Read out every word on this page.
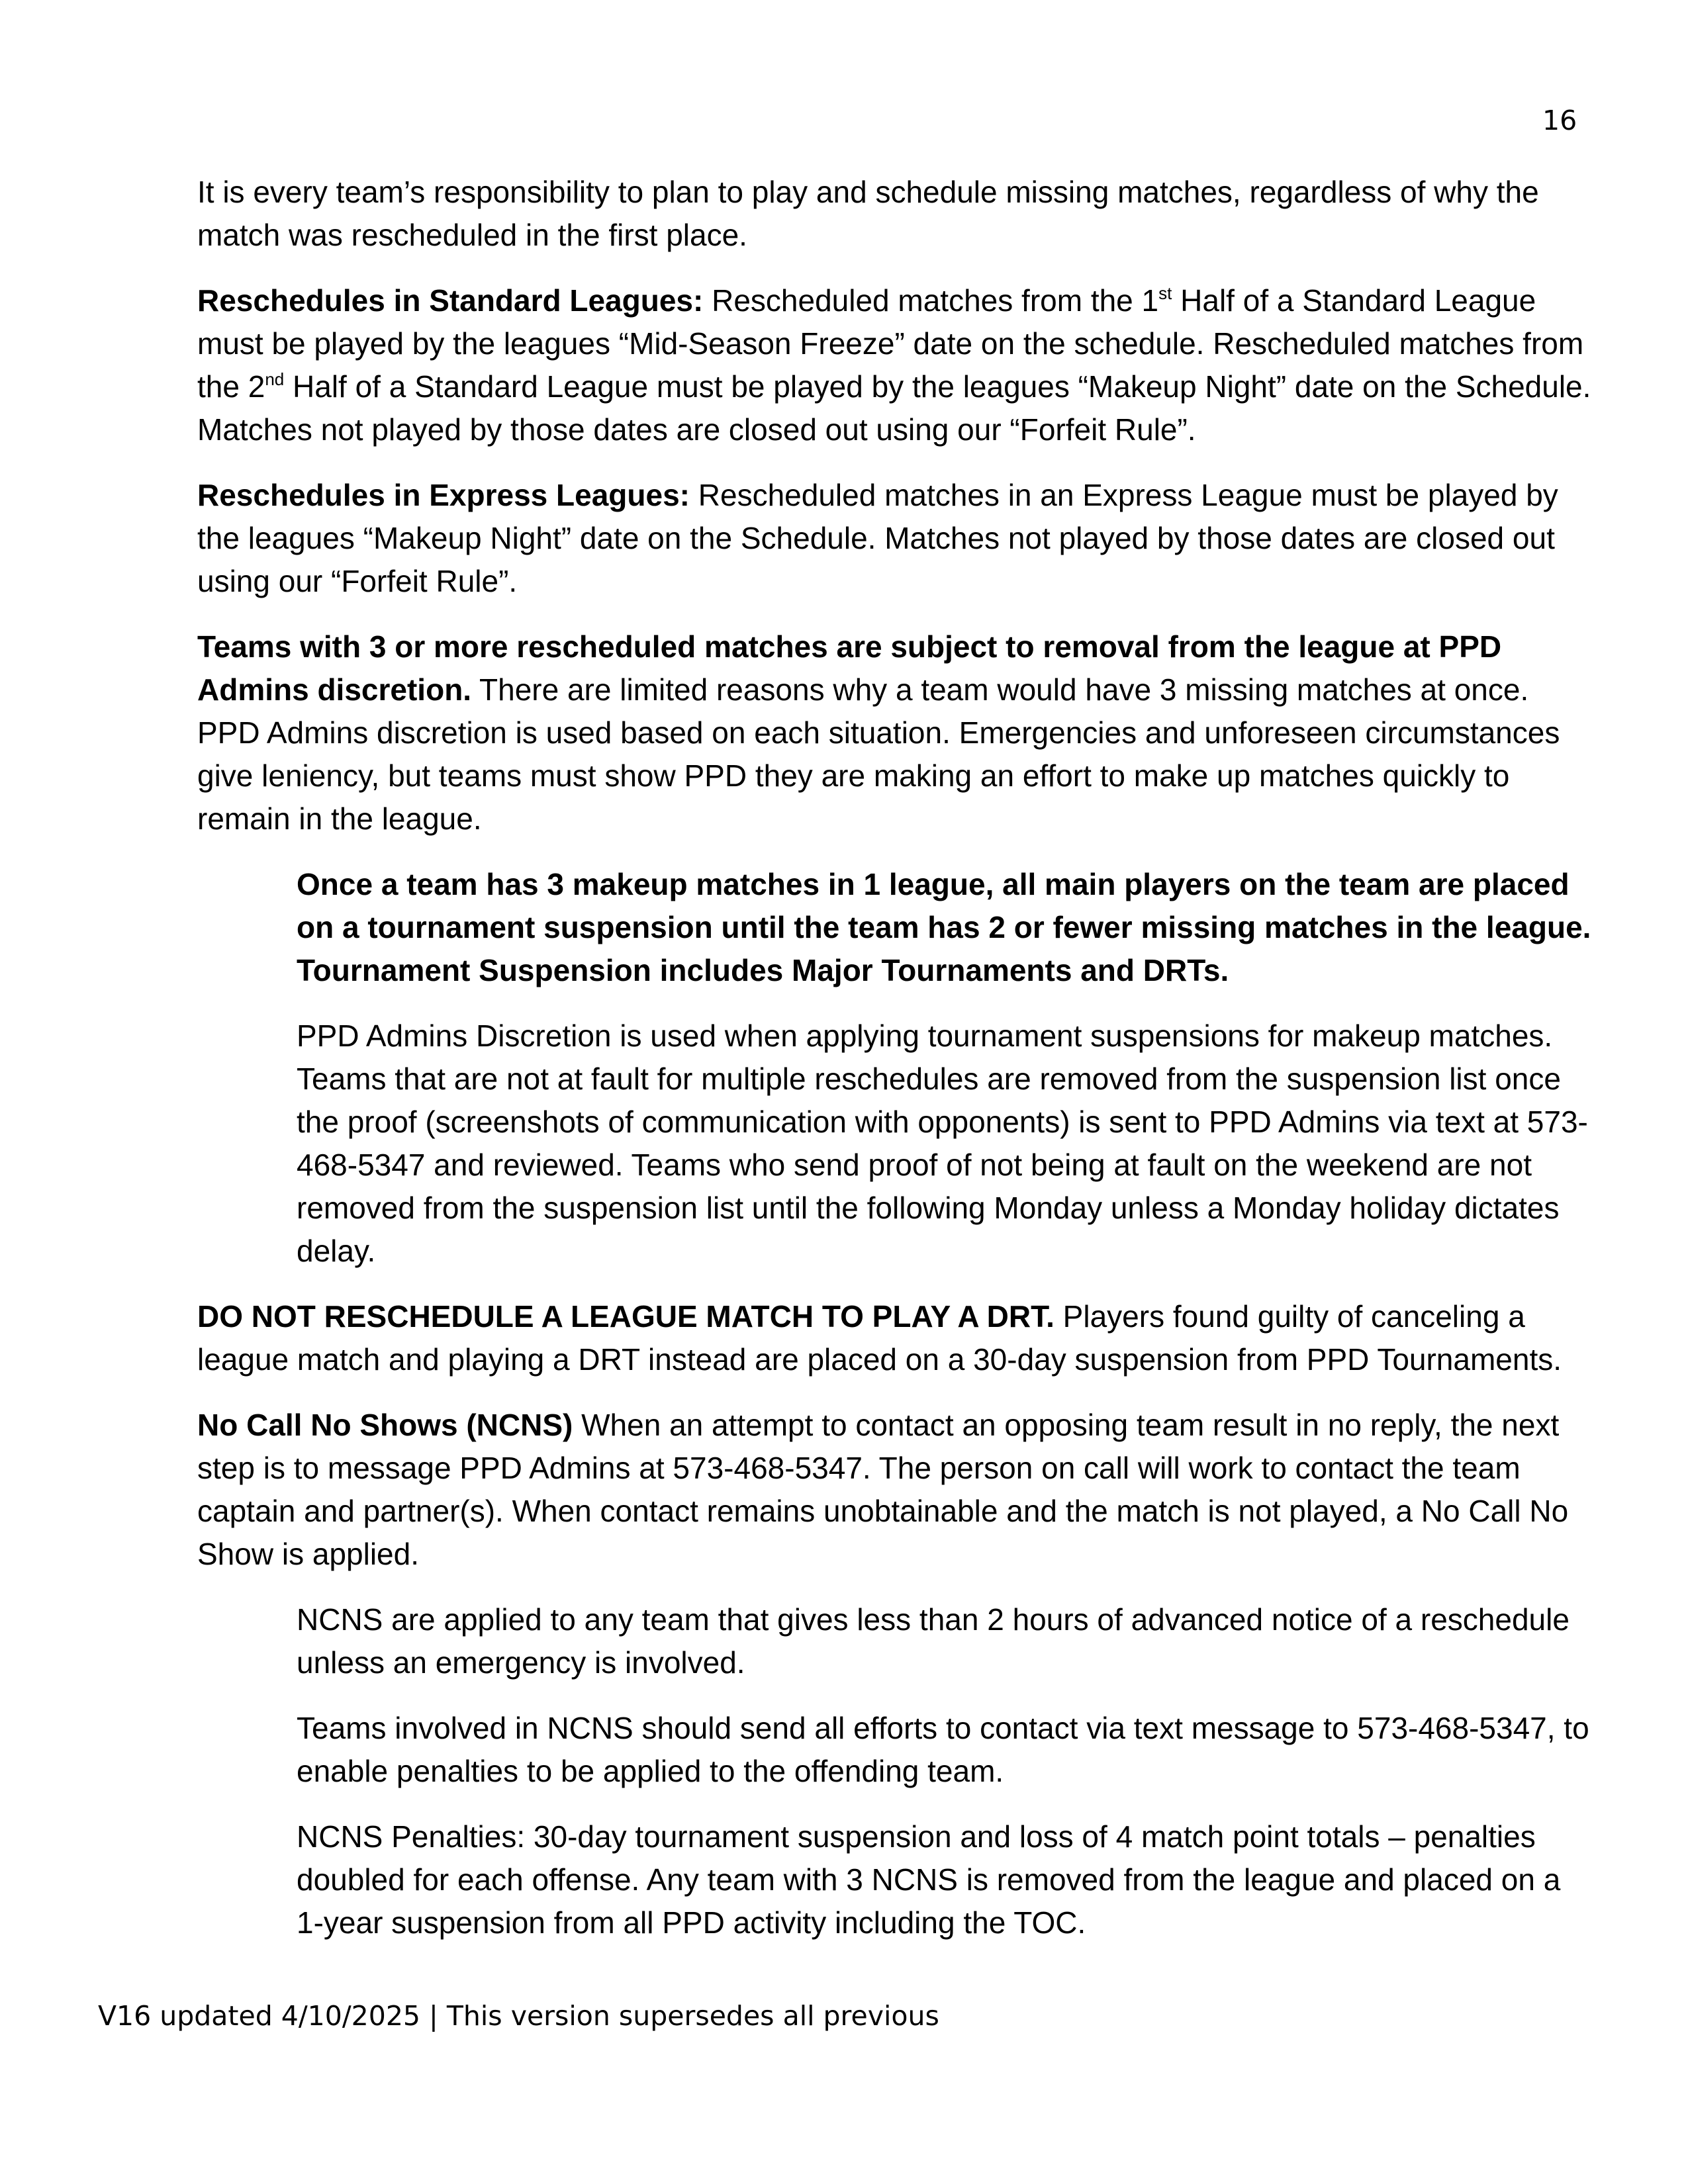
16

It is every team’s responsibility to plan to play and schedule missing matches, regardless of why the match was rescheduled in the first place.

Reschedules in Standard Leagues: Rescheduled matches from the 1st Half of a Standard League must be played by the leagues “Mid-Season Freeze” date on the schedule. Rescheduled matches from the 2nd Half of a Standard League must be played by the leagues “Makeup Night” date on the Schedule. Matches not played by those dates are closed out using our “Forfeit Rule”.

Reschedules in Express Leagues: Rescheduled matches in an Express League must be played by the leagues “Makeup Night” date on the Schedule. Matches not played by those dates are closed out using our “Forfeit Rule”.

Teams with 3 or more rescheduled matches are subject to removal from the league at PPD Admins discretion. There are limited reasons why a team would have 3 missing matches at once. PPD Admins discretion is used based on each situation. Emergencies and unforeseen circumstances give leniency, but teams must show PPD they are making an effort to make up matches quickly to remain in the league.

Once a team has 3 makeup matches in 1 league, all main players on the team are placed on a tournament suspension until the team has 2 or fewer missing matches in the league. Tournament Suspension includes Major Tournaments and DRTs.

PPD Admins Discretion is used when applying tournament suspensions for makeup matches. Teams that are not at fault for multiple reschedules are removed from the suspension list once the proof (screenshots of communication with opponents) is sent to PPD Admins via text at 573-468-5347 and reviewed. Teams who send proof of not being at fault on the weekend are not removed from the suspension list until the following Monday unless a Monday holiday dictates delay.

DO NOT RESCHEDULE A LEAGUE MATCH TO PLAY A DRT. Players found guilty of canceling a league match and playing a DRT instead are placed on a 30-day suspension from PPD Tournaments.

No Call No Shows (NCNS) When an attempt to contact an opposing team result in no reply, the next step is to message PPD Admins at 573-468-5347. The person on call will work to contact the team captain and partner(s). When contact remains unobtainable and the match is not played, a No Call No Show is applied.

NCNS are applied to any team that gives less than 2 hours of advanced notice of a reschedule unless an emergency is involved.

Teams involved in NCNS should send all efforts to contact via text message to 573-468-5347, to enable penalties to be applied to the offending team.

NCNS Penalties: 30-day tournament suspension and loss of 4 match point totals – penalties doubled for each offense. Any team with 3 NCNS is removed from the league and placed on a 1-year suspension from all PPD activity including the TOC.

V16 updated 4/10/2025 | This version supersedes all previous
